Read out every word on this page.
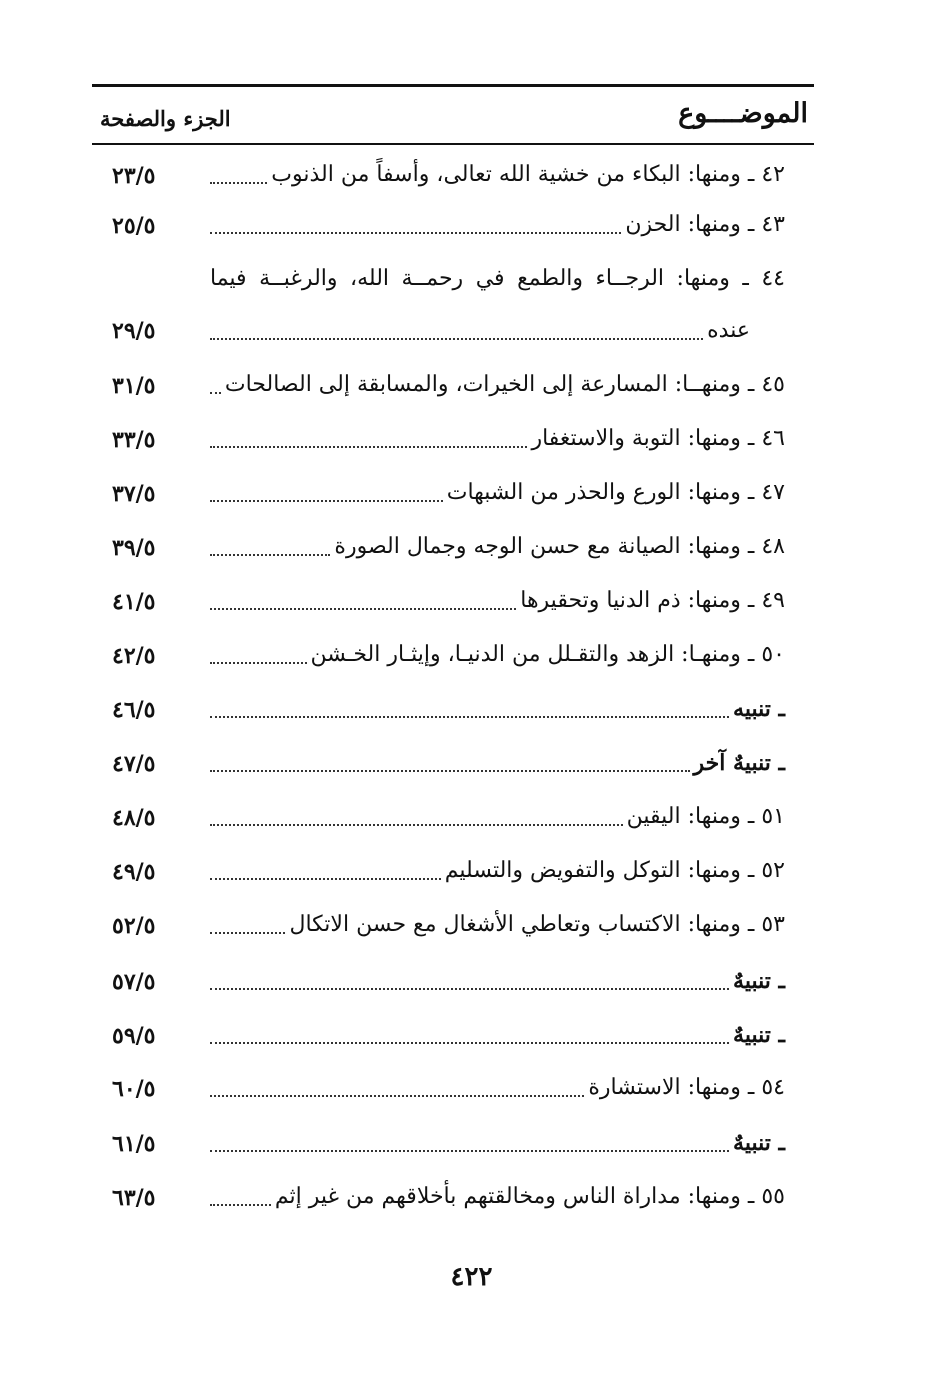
الموضــــوع
الجزء والصفحة
٤٢ ـ ومنها: البكاء من خشية الله تعالى، وأسفاً من الذنوب
٢٣/٥
٤٣ ـ ومنها: الحزن
٢٥/٥
٤٤ ـ ومنها: الرجــاء والطمع في رحمــة الله، والرغبــة فيما
عنده
٢٩/٥
٤٥ ـ ومنهــا: المسارعة إلى الخيرات، والمسابقة إلى الصالحات
٣١/٥
٤٦ ـ ومنها: التوبة والاستغفار
٣٣/٥
٤٧ ـ ومنها: الورع والحذر من الشبهات
٣٧/٥
٤٨ ـ ومنها: الصيانة مع حسن الوجه وجمال الصورة
٣٩/٥
٤٩ ـ ومنها: ذم الدنيا وتحقيرها
٤١/٥
٥٠ ـ ومنهـا: الزهد والتقـلل من الدنيـا، وإيثـار الخـشن
٤٢/٥
ـ تنبيه
٤٦/٥
ـ تنبيهٌ آخر
٤٧/٥
٥١ ـ ومنها: اليقين
٤٨/٥
٥٢ ـ ومنها: التوكل والتفويض والتسليم
٤٩/٥
٥٣ ـ ومنها: الاكتساب وتعاطي الأشغال مع حسن الاتكال
٥٢/٥
ـ تنبيهٌ
٥٧/٥
ـ تنبيهٌ
٥٩/٥
٥٤ ـ ومنها: الاستشارة
٦٠/٥
ـ تنبيهٌ
٦١/٥
٥٥ ـ ومنها: مداراة الناس ومخالقتهم بأخلاقهم من غير إثم
٦٣/٥
٤٢٢
